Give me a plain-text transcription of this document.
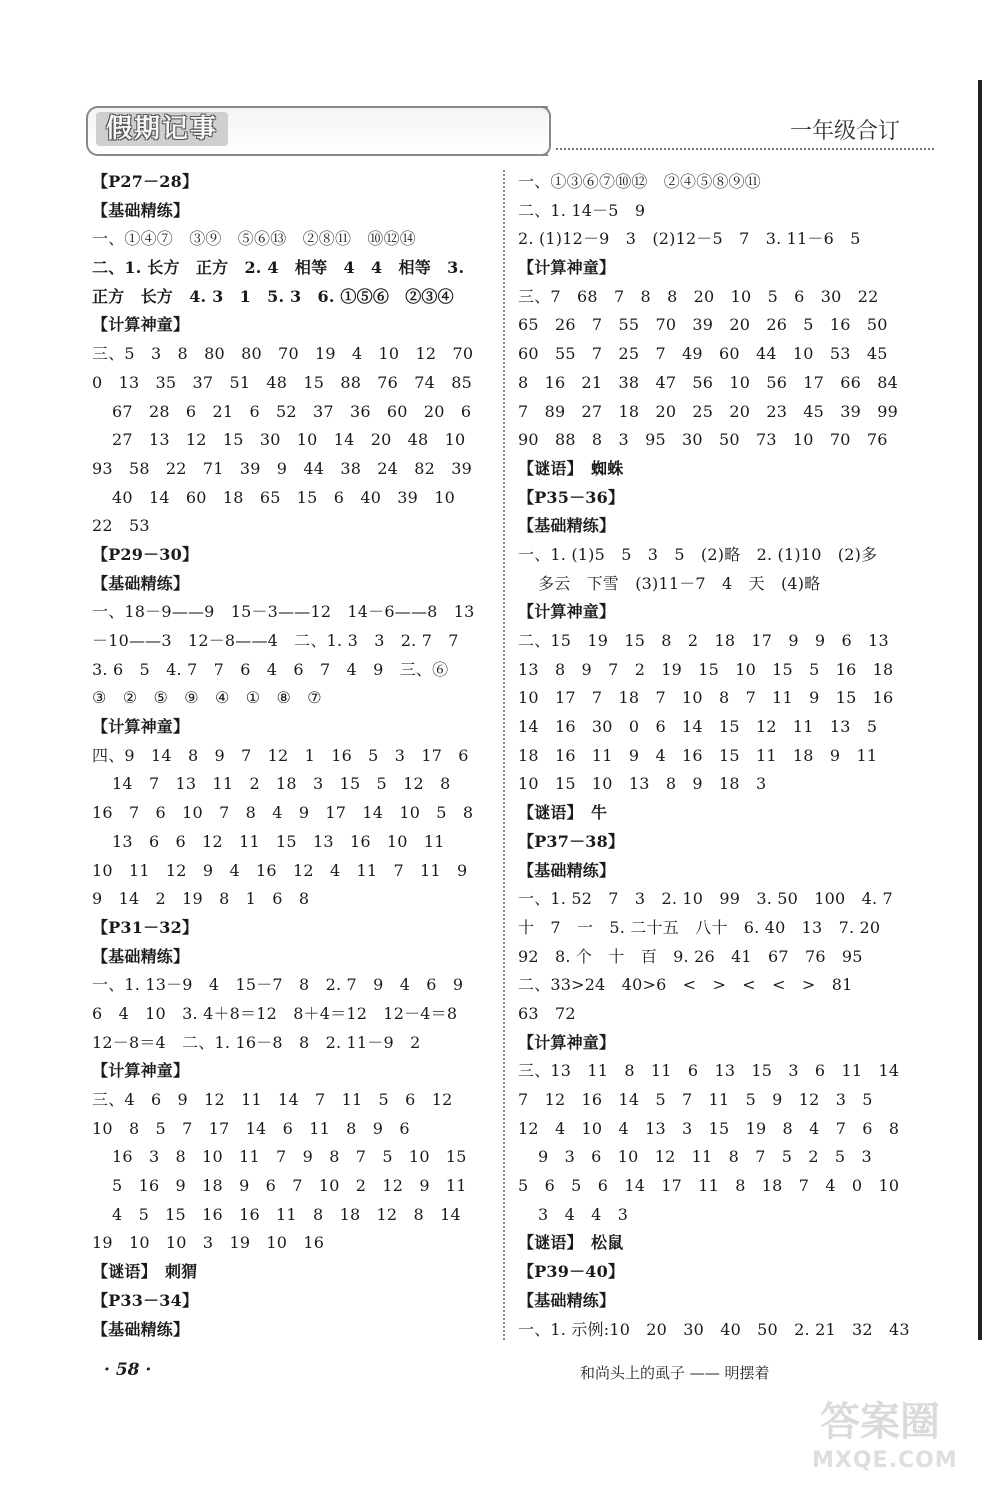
假期记事	一年级合订
【P27－28】
【基础精练】
一、①④⑦　③⑨　⑤⑥⑬　②⑧⑪　⑩⑫⑭
二、1. 长方　正方　2. 4　相等　4　4　相等　3.
正方　长方　4. 3　1　5. 3　6. ①⑤⑥　②③④
【计算神童】
三、5　3　8　80　80　70　19　4　10　12　70
0　13　35　37　51　48　15　88　76　74　85
67　28　6　21　6　52　37　36　60　20　6
27　13　12　15　30　10　14　20　48　10
93　58　22　71　39　9　44　38　24　82　39
40　14　60　18　65　15　6　40　39　10
22　53
【P29－30】
【基础精练】
一、18－9——9　15－3——12　14－6——8　13
－10——3　12－8——4　二、1. 3　3　2. 7　7
3. 6　5　4. 7　7　6　4　6　7　4　9　三、⑥
③　②　⑤　⑨　④　①　⑧　⑦
【计算神童】
四、9　14　8　9　7　12　1　16　5　3　17　6
14　7　13　11　2　18　3　15　5　12　8
16　7　6　10　7　8　4　9　17　14　10　5　8
13　6　6　12　11　15　13　16　10　11
10　11　12　9　4　16　12　4　11　7　11　9
9　14　2　19　8　1　6　8
【P31－32】
【基础精练】
一、1. 13－9　4　15－7　8　2. 7　9　4　6　9
6　4　10　3. 4＋8＝12　8＋4＝12　12－4＝8
12－8＝4　二、1. 16－8　8　2. 11－9　2
【计算神童】
三、4　6　9　12　11　14　7　11　5　6　12
10　8　5　7　17　14　6　11　8　9　6
16　3　8　10　11　7　9　8　7　5　10　15
5　16　9　18　9　6　7　10　2　12　9　11
4　5　15　16　16　11　8　18　12　8　14
19　10　10　3　19　10　16
【谜语】　刺猬
【P33－34】
【基础精练】
一、①③⑥⑦⑩⑫　②④⑤⑧⑨⑪
二、1. 14－5　9
2. (1)12－9　3　(2)12－5　7　3. 11－6　5
【计算神童】
三、7　68　7　8　8　20　10　5　6　30　22
65　26　7　55　70　39　20　26　5　16　50
60　55　7　25　7　49　60　44　10　53　45
8　16　21　38　47　56　10　56　17　66　84
7　89　27　18　20　25　20　23　45　39　99
90　88　8　3　95　30　50　73　10　70　76
【谜语】　蜘蛛
【P35－36】
【基础精练】
一、1. (1)5　5　3　5　(2)略　2. (1)10　(2)多
多云　下雪　(3)11－7　4　天　(4)略
【计算神童】
二、15　19　15　8　2　18　17　9　9　6　13
13　8　9　7　2　19　15　10　15　5　16　18
10　17　7　18　7　10　8　7　11　9　15　16
14　16　30　0　6　14　15　12　11　13　5
18　16　11　9　4　16　15　11　18　9　11
10　15　10　13　8　9　18　3
【谜语】　牛
【P37－38】
【基础精练】
一、1. 52　7　3　2. 10　99　3. 50　100　4. 7
十　7　一　5. 二十五　八十　6. 40　13　7. 20
92　8. 个　十　百　9. 26　41　67　76　95
二、33>24　40>6　<　>　<　<　>　81
63　72
【计算神童】
三、13　11　8　11　6　13　15　3　6　11　14
7　12　16　14　5　7　11　5　9　12　3　5
12　4　10　4　13　3　15　19　8　4　7　6　8
9　3　6　10　12　11　8　7　5　2　5　3
5　6　5　6　14　17　11　8　18　7　4　0　10
3　4　4　3
【谜语】　松鼠
【P39－40】
【基础精练】
一、1. 示例:10　20　30　40　50　2. 21　32　43
· 58 ·	和尚头上的虱子 —— 明摆着
答案圈
MXQE.COM
